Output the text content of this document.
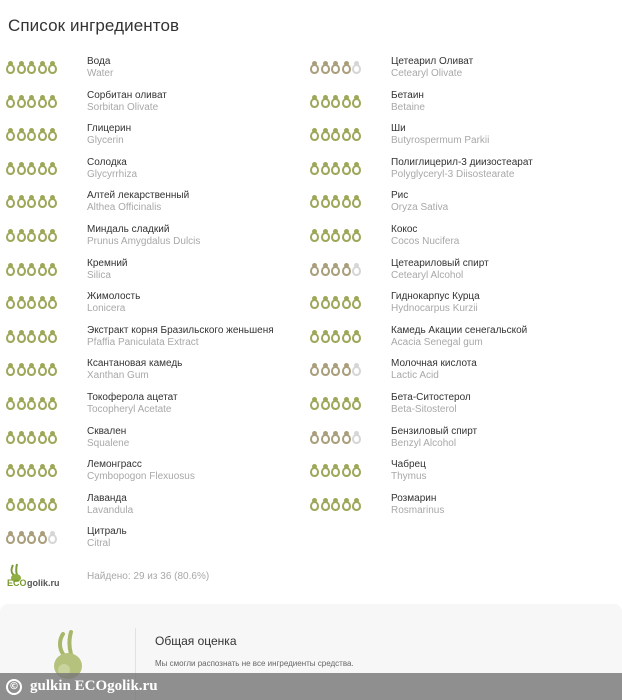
Список ингредиентов
Вода
Water
Сорбитан оливат
Sorbitan Olivate
Глицерин
Glycerin
Солодка
Glycyrrhiza
Алтей лекарственный
Althea Officinalis
Миндаль сладкий
Prunus Amygdalus Dulcis
Кремний
Silica
Жимолость
Lonicera
Экстракт корня Бразильского женьшеня
Pfaffia Paniculata Extract
Ксантановая камедь
Xanthan Gum
Токоферола ацетат
Tocopheryl Acetate
Сквален
Squalene
Лемонграсс
Cymbopogon Flexuosus
Лаванда
Lavandula
Цитраль
Citral
Цетеарил Оливат
Cetearyl Olivate
Бетаин
Betaine
Ши
Butyrospermum Parkii
Полиглицерил-3 диизостеарат
Polyglyceryl-3 Diisostearate
Рис
Oryza Sativa
Кокос
Cocos Nucifera
Цетеариловый спирт
Cetearyl Alcohol
Гиднокарпус Курца
Hydnocarpus Kurzii
Камедь Акации сенегальской
Acacia Senegal gum
Молочная кислота
Lactic Acid
Бета-Ситостерол
Beta-Sitosterol
Бензиловый спирт
Benzyl Alcohol
Чабрец
Thymus
Розмарин
Rosmarinus
ECO golik.ru
Найдено: 29 из 36 (80.6%)
Общая оценка
Мы смогли распознать не все ингредиенты средства.
© gulkin ECOgolik.ru
